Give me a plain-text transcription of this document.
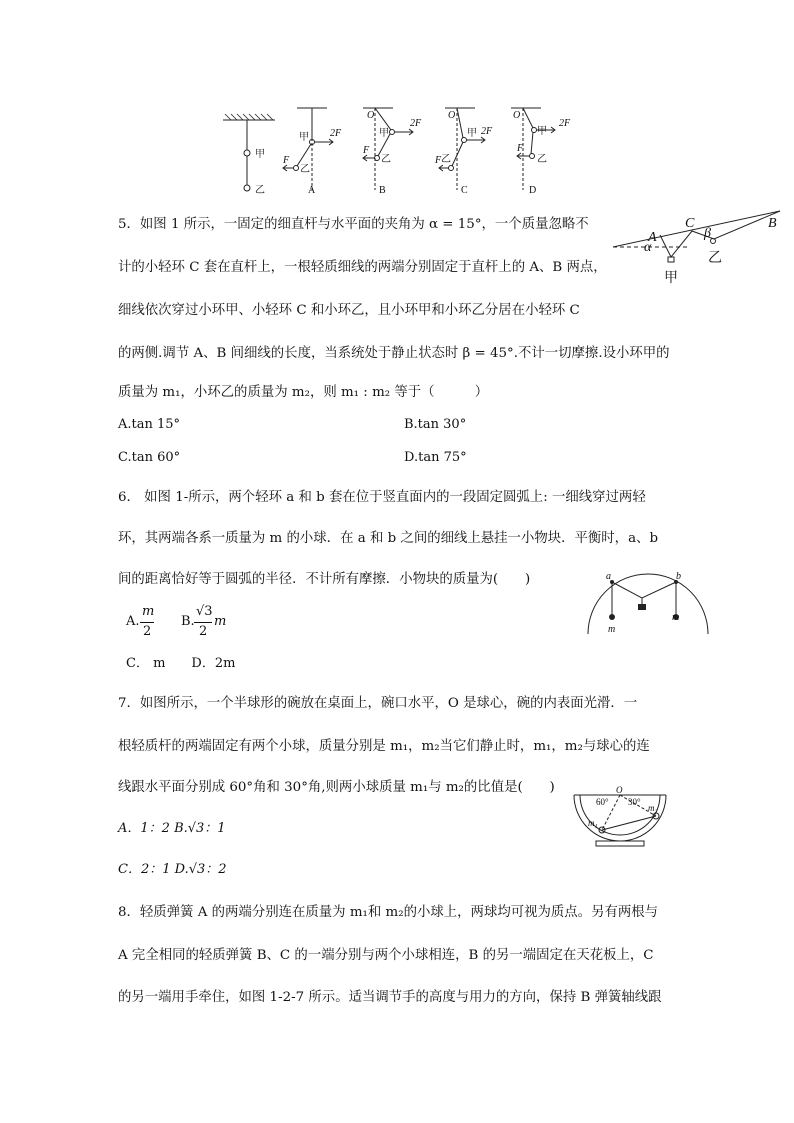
甲
乙
甲 2F
F
乙
A
O
甲
2F
F
乙
B
O
甲 2F
F 乙
C
O
甲
2F
F
乙
D
5．如图 1 所示，一固定的细直杆与水平面的夹角为 α = 15°，一个质量忽略不
计的小轻环 C 套在直杆上，一根轻质细线的两端分别固定于直杆上的 A、B 两点，
细线依次穿过小环甲、小轻环 C 和小环乙，且小环甲和小环乙分居在小轻环 C
的两侧.调节 A、B 间细线的长度，当系统处于静止状态时 β = 45°.不计一切摩擦.设小环甲的
质量为 m₁，小环乙的质量为 m₂，则 m₁ : m₂ 等于（　　　）
A.tan 15°	B.tan 30°
C.tan 60°	D.tan 75°
A
C	B
α
β
甲
乙
6． 如图 1-所示，两个轻环 a 和 b 套在位于竖直面内的一段固定圆弧上: 一细线穿过两轻
环，其两端各系一质量为 m 的小球．在 a 和 b 之间的细线上悬挂一小物块．平衡时，a、b
间的距离恰好等于圆弧的半径．不计所有摩擦．小物块的质量为(　　)
A.
m
2
B.
√3
2
m
C． m　　D．2m
a	b
m
m
7．如图所示，一个半球形的碗放在桌面上，碗口水平，O 是球心，碗的内表面光滑．一
根轻质杆的两端固定有两个小球，质量分别是 m₁，m₂当它们静止时，m₁，m₂与球心的连
线跟水平面分别成 60°角和 30°角,则两小球质量 m₁与 m₂的比值是(　　)
A．1：2 B.√3：1
C．2：1 D.√3：2
O
60° 30°
m₁
m₂
8．轻质弹簧 A 的两端分别连在质量为 m₁和 m₂的小球上，两球均可视为质点。另有两根与
A 完全相同的轻质弹簧 B、C 的一端分别与两个小球相连，B 的另一端固定在天花板上，C
的另一端用手牵住，如图 1-2-7 所示。适当调节手的高度与用力的方向，保持 B 弹簧轴线跟
